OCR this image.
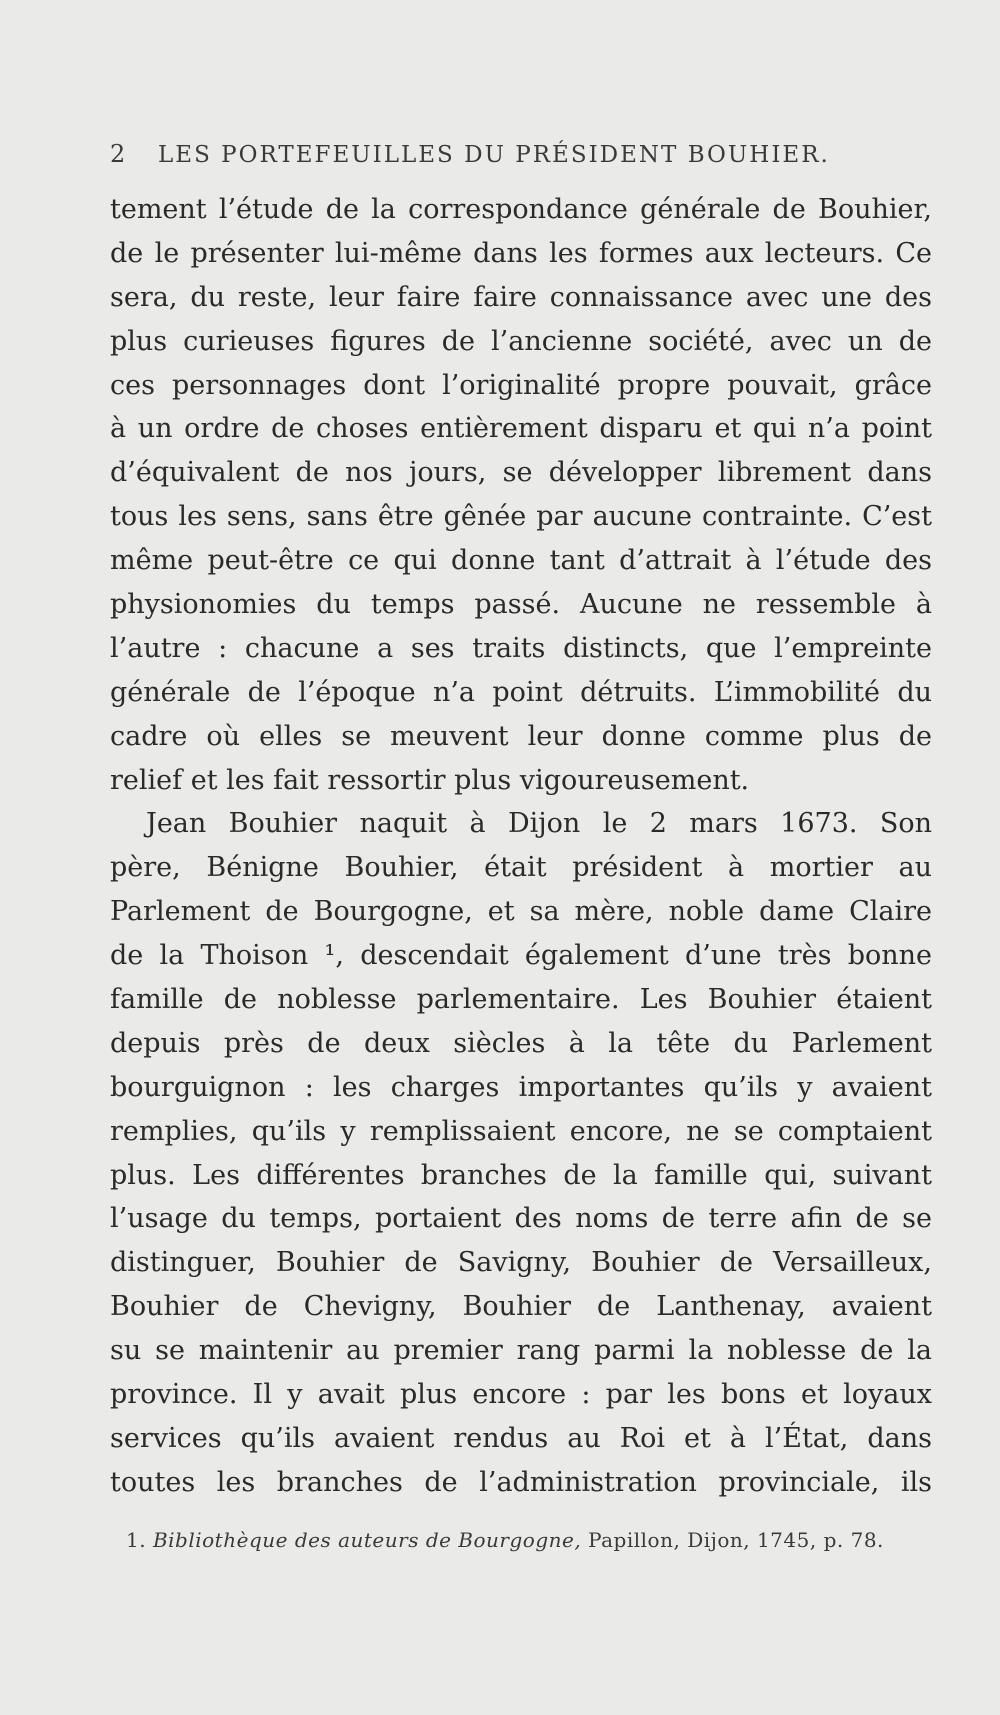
2 LES PORTEFEUILLES DU PRÉSIDENT BOUHIER.
tement l’étude de la correspondance générale de Bouhier,
de le présenter lui-même dans les formes aux lecteurs. Ce
sera, du reste, leur faire faire connaissance avec une des
plus curieuses figures de l’ancienne société, avec un de
ces personnages dont l’originalité propre pouvait, grâce
à un ordre de choses entièrement disparu et qui n’a point
d’équivalent de nos jours, se développer librement dans
tous les sens, sans être gênée par aucune contrainte. C’est
même peut-être ce qui donne tant d’attrait à l’étude des
physionomies du temps passé. Aucune ne ressemble à
l’autre : chacune a ses traits distincts, que l’empreinte
générale de l’époque n’a point détruits. L’immobilité du
cadre où elles se meuvent leur donne comme plus de
relief et les fait ressortir plus vigoureusement.
Jean Bouhier naquit à Dijon le 2 mars 1673. Son
père, Bénigne Bouhier, était président à mortier au
Parlement de Bourgogne, et sa mère, noble dame Claire
de la Thoison ¹, descendait également d’une très bonne
famille de noblesse parlementaire. Les Bouhier étaient
depuis près de deux siècles à la tête du Parlement
bourguignon : les charges importantes qu’ils y avaient
remplies, qu’ils y remplissaient encore, ne se comptaient
plus. Les différentes branches de la famille qui, suivant
l’usage du temps, portaient des noms de terre afin de se
distinguer, Bouhier de Savigny, Bouhier de Versailleux,
Bouhier de Chevigny, Bouhier de Lanthenay, avaient
su se maintenir au premier rang parmi la noblesse de la
province. Il y avait plus encore : par les bons et loyaux
services qu’ils avaient rendus au Roi et à l’État, dans
toutes les branches de l’administration provinciale, ils
1. Bibliothèque des auteurs de Bourgogne, Papillon, Dijon, 1745, p. 78.
